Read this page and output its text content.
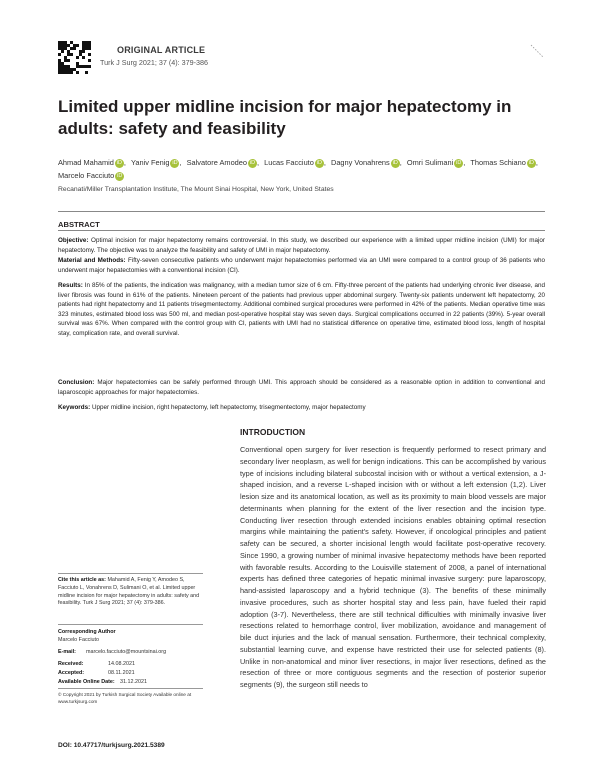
ORIGINAL ARTICLE
Turk J Surg 2021; 37 (4): 379-386
Limited upper midline incision for major hepatectomy in adults: safety and feasibility
Ahmad Mahamid iD , Yaniv Fenig iD , Salvatore Amodeo iD , Lucas Facciuto iD , Dagny Vonahrens iD , Omri Sulimani iD , Thomas Schiano iD , Marcelo Facciuto iD
Recanati/Miller Transplantation Institute, The Mount Sinai Hospital, New York, United States
ABSTRACT

Objective: Optimal incision for major hepatectomy remains controversial. In this study, we described our experience with a limited upper midline incision (UMI) for major hepatectomy. The objective was to analyze the feasibility and safety of UMI in major hepatectomy.

Material and Methods: Fifty-seven consecutive patients who underwent major hepatectomies performed via an UMI were compared to a control group of 36 patients who underwent major hepatectomies with a conventional incision (CI).

Results: In 85% of the patients, the indication was malignancy, with a median tumor size of 6 cm. Fifty-three percent of the patients had underlying chronic liver disease, and liver fibrosis was found in 61% of the patients. Nineteen percent of the patients had previous upper abdominal surgery. Twenty-six patients underwent left hepatectomy, 20 patients had right hepatectomy and 11 patients trisegmentectomy. Additional combined surgical procedures were performed in 42% of the patients. Median operative time was 323 minutes, estimated blood loss was 500 ml, and median post-operative hospital stay was seven days. Surgical complications occurred in 22 patients (39%). 5-year overall survival was 67%. When compared with the control group with CI, patients with UMI had no statistical difference on operative time, estimated blood loss, length of hospital stay, complication rate, and overall survival.

Conclusion: Major hepatectomies can be safely performed through UMI. This approach should be considered as a reasonable option in addition to conventional and laparoscopic approaches for major hepatectomies.

Keywords: Upper midline incision, right hepatectomy, left hepatectomy, trisegmentectomy, major hepatectomy

INTRODUCTION

Conventional open surgery for liver resection is frequently performed to resect primary and secondary liver neoplasm, as well for benign indications. This can be accomplished by various type of incisions including bilateral subcostal incision with or without a vertical extension, a J-shaped incision, and a reverse L-shaped incision with or without a left extension (1,2). Liver lesion size and its anatomical location, as well as its proximity to main blood vessels are major determinants when planning for the extent of the liver resection and the incision type. Conducting liver resection through extended incisions enables obtaining optimal resection margins while maintaining the patient's safety. However, if oncological principles and patient safety can be secured, a shorter incisional length would facilitate post-operative recovery. Since 1990, a growing number of minimal invasive hepatectomy methods have been reported with favorable results. According to the Louisville statement of 2008, a panel of international experts has defined three categories of hepatic minimal invasive surgery: pure laparoscopy, hand-assisted laparoscopy and a hybrid technique (3). The benefits of these minimally invasive procedures, such as shorter hospital stay and less pain, have fueled their rapid adoption (3-7). Nevertheless, there are still technical difficulties with minimally invasive liver resections related to hemorrhage control, liver mobilization, avoidance and management of bile duct injuries and the lack of manual sensation. Furthermore, their technical complexity, substantial learning curve, and expense have restricted their use for selected patients (8). Unlike in non-anatomical and minor liver resections, in major liver resections, defined as the resection of three or more contiguous segments and the resection of posterior superior segments (9), the surgeon still needs to

Cite this article as: Mahamid A, Fenig Y, Amodeo S, Facciuto L, Vonahrens D, Sulimani O, et al. Limited upper midline incision for major hepatectomy in adults: safety and feasibility. Turk J Surg 2021; 37 (4): 379-386.

Corresponding Author
Marcelo Facciuto
E-mail: marcelo.facciuto@mountsinai.org
Received:	14.08.2021
Accepted:	08.11.2021
Available Online Date: 31.12.2021

© Copyright 2021 by Turkish Surgical Society Available online at www.turkjsurg.com

DOI: 10.47717/turkjsurg.2021.5389
